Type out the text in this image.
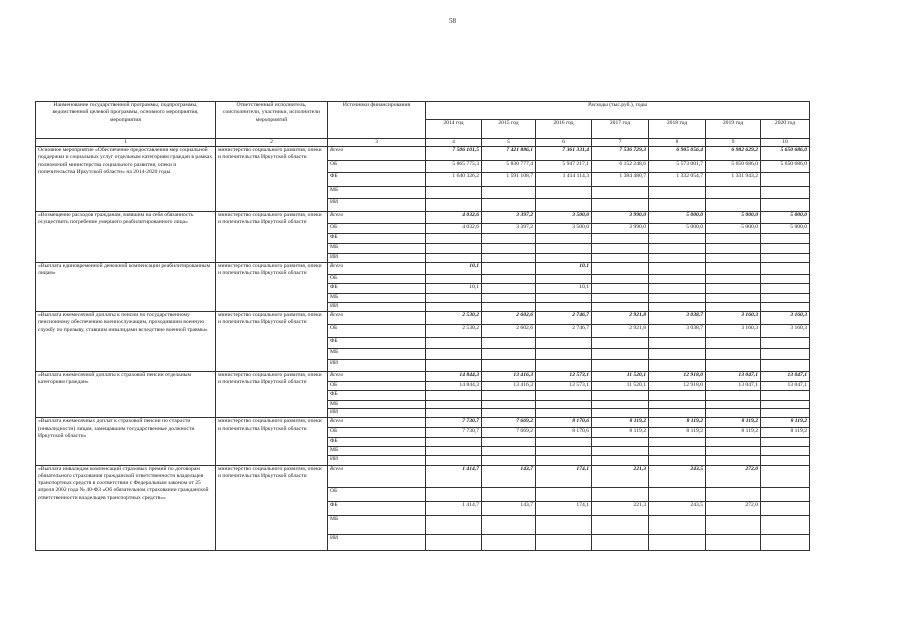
58
Наименование государственной программы, подпрограммы, ведомственной целевой программы, основного мероприятия, мероприятия	Ответственный исполнитель, соисполнители, участники, исполнители мероприятий	Источники финансирования	Расходы (тыс.руб.), годы						
			2014 год	2015 год	2016 год	2017 год	2018 год	2019 год	2020 год
1	2	3	4	5	6	7	8	9	10
Основное мероприятие «Обеспечение предоставления мер социальной поддержки и социальных услуг отдельным категориям граждан в рамках полномочий министерства социального развития, опеки и попечительства Иркутской области» на 2014-2020 годы	министерство социального развития, опеки и попечительства Иркутской области	Всего	7 506 101,5	7 421 886,1	7 361 331,4	7 536 729,3	6 905 056,4	6 982 629,2	5 650 686,0
		ОБ	5 865 775,3	5 830 777,4	5 947 217,1	6 152 248,6	5 573 001,7	5 650 686,0	5 650 686,0
		ФБ	1 640 326,2	1 591 108,7	1 414 114,3	1 384 480,7	1 332 054,7	1 331 943,2	
		МБ							
		ИИ							
«Возмещение расходов гражданам, взявшим на себя обязанность осуществить погребение умершего реабилитированного лица»	министерство социального развития, опеки и попечительства Иркутской области	Всего	4 032,6	3 397,2	3 500,0	3 990,0	5 000,0	5 000,0	5 000,0
		ОБ	4 032,6	3 397,2	3 500,0	3 990,0	5 000,0	5 000,0	5 000,0
		ФБ							
		МБ							
		ИИ							
«Выплата единовременной денежной компенсации реабилитированным лицам»	министерство социального развития, опеки и попечительства Иркутской области	Всего	10,1		10,1				
		ОБ							
		ФБ	10,1		10,1				
		МБ							
		ИИ							
«Выплата ежемесячной доплаты к пенсии по государственному пенсионному обеспечению военнослужащим, проходившим военную службу по призыву, ставшим инвалидами вследствие военной травмы»	министерство социального развития, опеки и попечительства Иркутской области	Всего	2 530,2	2 602,6	2 746,7	2 921,8	3 038,7	3 160,3	3 160,3
		ОБ	2 530,2	2 602,6	2 746,7	2 921,8	3 038,7	3 160,3	3 160,3
		ФБ							
		МБ							
		ИИ							
«Выплата ежемесячной доплаты к страховой пенсии отдельным категориям граждан»	министерство социального развития, опеки и попечительства Иркутской области	Всего	14 844,3	13 416,3	12 573,1	11 520,1	12 918,0	13 047,1	13 047,1
		ОБ	14 844,3	13 416,3	12 573,1	11 520,1	12 918,0	13 047,1	13 047,1
		ФБ							
		МБ							
		ИИ							
«Выплата ежемесячных доплат к страховой пенсии по старости (инвалидности) лицам, замещавшим государственные должности Иркутской области»	министерство социального развития, опеки и попечительства Иркутской области	Всего	7 730,7	7 669,2	8 170,6	8 119,2	8 119,2	8 119,2	8 119,2
		ОБ	7 730,7	7 669,2	8 170,6	8 119,2	8 119,2	8 119,2	8 119,2
		ФБ							
		МБ							
		ИИ							
«Выплата инвалидам компенсаций страховых премий по договорам обязательного страхования гражданской ответственности владельцев транспортных средств в соответствии с Федеральным законом от 25 апреля 2002 года № 40-ФЗ «Об обязательном страховании гражданской ответственности владельцев транспортных средств»»	министерство социального развития, опеки и попечительства Иркутской области	Всего	1 414,7	143,7	174,1	221,3	243,5	272,0	
		ОБ							
		ФБ	1 414,7	143,7	174,1	221,3	243,5	272,0	
		МБ							
		ИИ							
